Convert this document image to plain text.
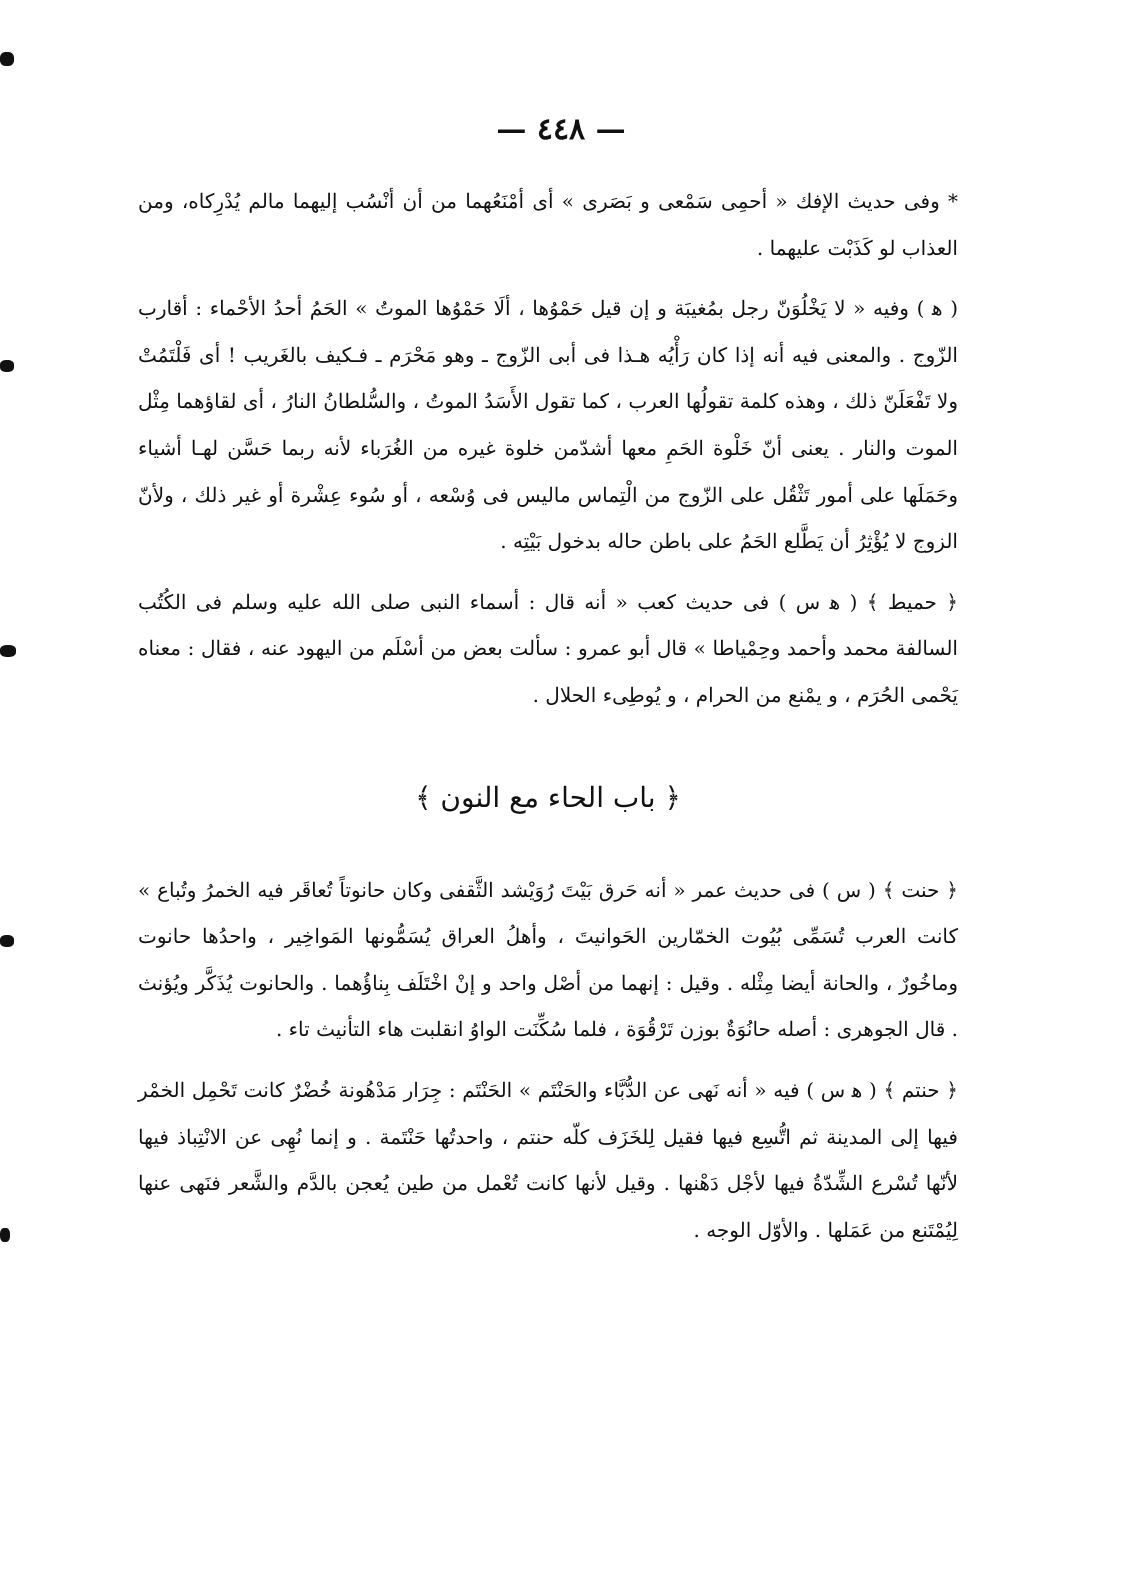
— ٤٤٨ —

* وفى حديث الإفك « أحمِى سَمْعى و بَصَرى » أى أمْنَعُهما من أن أنْسُب إليهما مالم يُدْرِكاه، ومن العذاب لو كَذَبْت عليهما .

( ﻫ ) وفيه « لا يَخْلُوَنّ رجل بمُغيبَة و إن قيل حَمْوُها ، ألَا حَمْوُها الموتُ » الحَمُ أحدُ الأحْماء : أقارب الزّوج . والمعنى فيه أنه إذا كان رَأْيُه هـذا فى أبى الزّوج ـ وهو مَحْرَم ـ فـكيف بالغَريب ! أى فَلْتَمُتْ ولا تَفْعَلَنّ ذلك ، وهذه كلمة تقولُها العرب ، كما تقول الأَسَدُ الموتُ ، والسُّلطانُ النارُ ، أى لقاؤهما مِثْل الموت والنار . يعنى أنّ خَلْوة الحَمِ معها أشدّمن خلوة غيره من الغُرَباء لأنه ربما حَسَّن لهـا أشياء وحَمَلَها على أمور تَثْقُل على الزّوج من الْتِماس ماليس فى وُسْعه ، أو سُوء عِشْرة أو غير ذلك ، ولأنّ الزوج لا يُؤْثِرُ أن يَطَّلع الحَمُ على باطن حاله بدخول بَيْتِه .

﴿ حميط ﴾ ( ﻫ س ) فى حديث كعب « أنه قال : أسماء النبى صلى الله عليه وسلم فى الكُتُب السالفة محمد وأحمد وحِمْياطا » قال أبو عمرو : سألت بعض من أسْلَم من اليهود عنه ، فقال : معناه يَحْمى الحُرَم ، و يمْنع من الحرام ، و يُوطِىء الحلال .

﴿ باب الحاء مع النون ﴾

﴿ حنت ﴾ ( س ) فى حديث عمر « أنه حَرق بَيْتَ رُوَيْشد الثَّقفى وكان حانوتاً تُعاقَر فيه الخمرُ وتُباع » كانت العرب تُسَمِّى بُيُوت الخمّارين الحَوانيتَ ، وأهلُ العراق يُسَمُّونها المَواخِير ، واحدُها حانوت وماخُورٌ ، والحانة أيضا مِثْله . وقيل : إنهما من أصْل واحد و إنْ اخْتَلَف بِناؤُهما . والحانوت يُذَكَّر ويُؤنث . قال الجوهرى : أصله حانُوَةٌ بوزن تَرْقُوَة ، فلما سُكِّنَت الواوُ انقلبت هاء التأنيث تاء .

﴿ حنتم ﴾ ( ﻫ س ) فيه « أنه نَهى عن الدُّبَّاء والحَنْتَم » الحَنْتَم : جِرَار مَدْهُونة خُضْرٌ كانت تَحْمِل الخمْر فيها إلى المدينة ثم اتُّسِع فيها فقيل لِلخَزَف كلّه حنتم ، واحدتُها حَنْتَمة . و إنما نُهِى عن الانْتِباذ فيها لأنّها تُسْرع الشِّدّةُ فيها لأجْل دَهْنها . وقيل لأنها كانت تُعْمل من طين يُعجن بالدَّم والشَّعر فنَهى عنها لِيُمْتَنع من عَمَلها . والأوّل الوجه .
